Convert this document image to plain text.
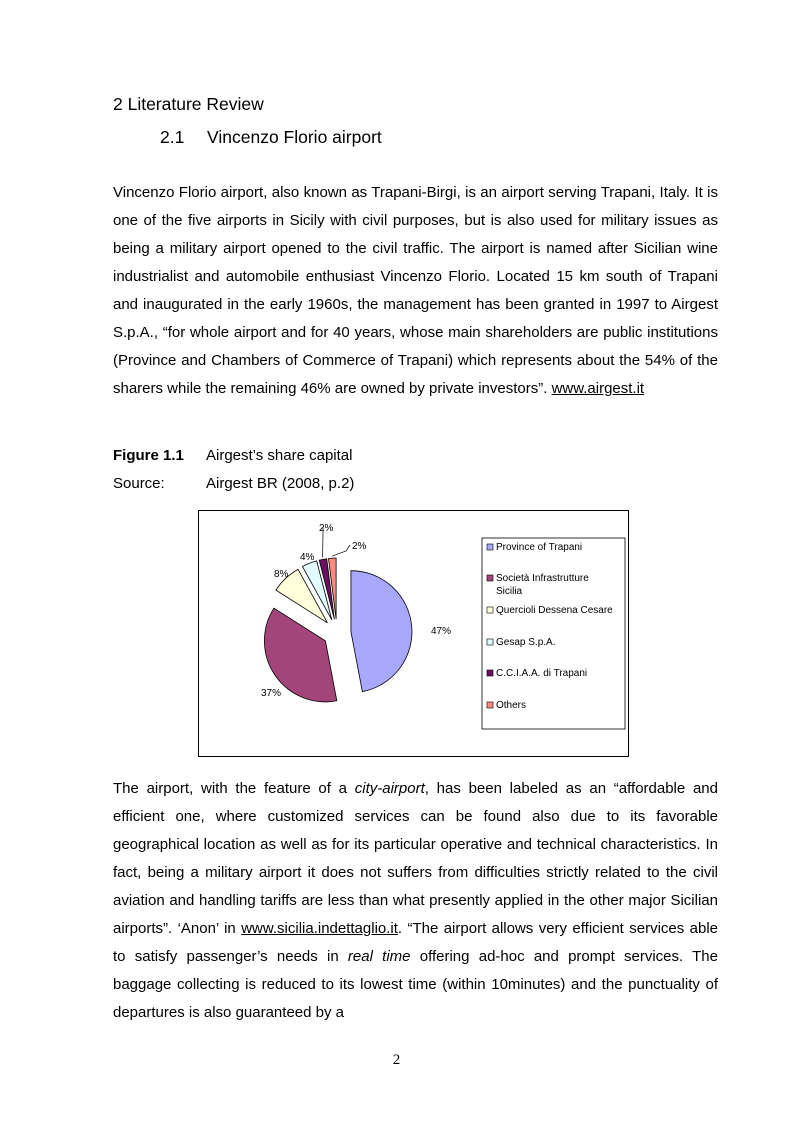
2 Literature Review
2.1 Vincenzo Florio airport
Vincenzo Florio airport, also known as Trapani-Birgi, is an airport serving Trapani, Italy. It is one of the five airports in Sicily with civil purposes, but is also used for military issues as being a military airport opened to the civil traffic. The airport is named after Sicilian wine industrialist and automobile enthusiast Vincenzo Florio. Located 15 km south of Trapani and inaugurated in the early 1960s, the management has been granted in 1997 to Airgest S.p.A., “for whole airport and for 40 years, whose main shareholders are public institutions (Province and Chambers of Commerce of Trapani) which represents about the 54% of the sharers while the remaining 46% are owned by private investors”. www.airgest.it
Figure 1.1 Airgest’s share capital
Source:	Airgest BR (2008, p.2)
47%
37%
8%
4%
2%
2%	Province of Trapani
Società Infrastrutture Sicilia
Quercioli Dessena Cesare
Gesap S.p.A.
C.C.I.A.A. di Trapani
Others
The airport, with the feature of a city-airport, has been labeled as an “affordable and efficient one, where customized services can be found also due to its favorable geographical location as well as for its particular operative and technical characteristics. In fact, being a military airport it does not suffers from difficulties strictly related to the civil aviation and handling tariffs are less than what presently applied in the other major Sicilian airports”. ‘Anon’ in www.sicilia.indettaglio.it. “The airport allows very efficient services able to satisfy passenger’s needs in real time offering ad-hoc and prompt services. The baggage collecting is reduced to its lowest time (within 10minutes) and the punctuality of departures is also guaranteed by a
2
